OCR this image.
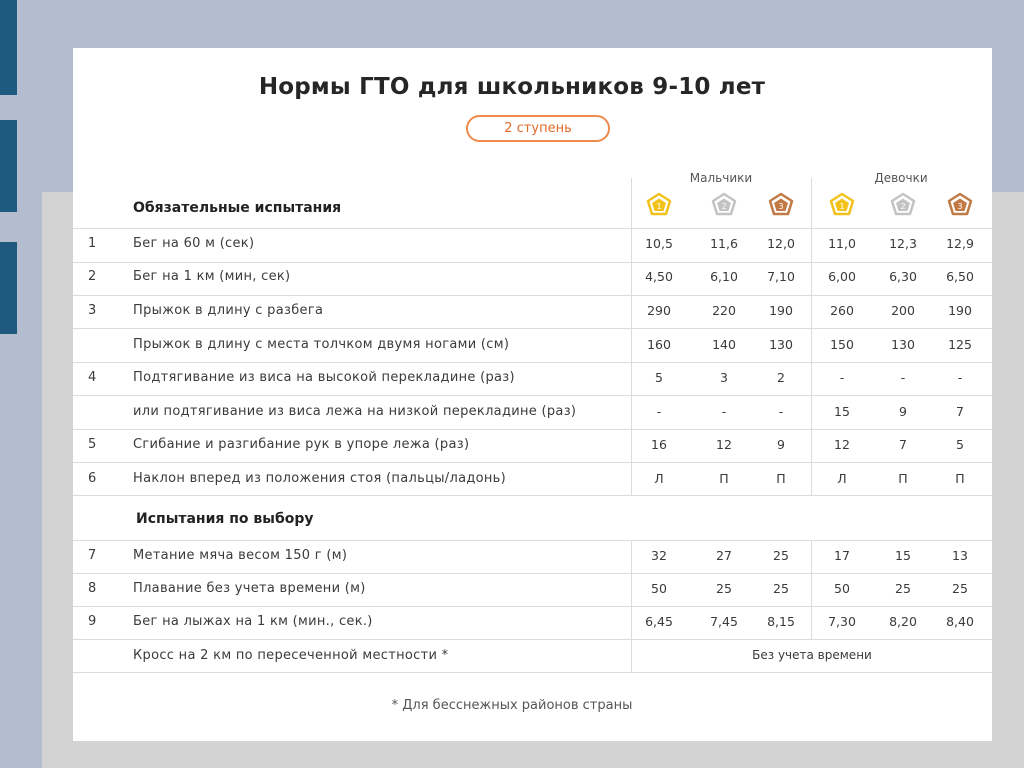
Нормы ГТО для школьников 9-10 лет
2 ступень
Мальчики	Девочки
Обязательные испытания
Испытания по выбору
* Для бесснежных районов страны
1	2	3	1	2	3
1	Бег на 60 м (сек)	10,5	11,6	12,0	11,0	12,3	12,9
2	Бег на 1 км (мин, сек)	4,50	6,10	7,10	6,00	6,30	6,50
3	Прыжок в длину с разбега	290	220	190	260	200	190
Прыжок в длину с места толчком двумя ногами (см)	160	140	130	150	130	125
4	Подтягивание из виса на высокой перекладине (раз)	5	3	2	-	-	-
или подтягивание из виса лежа на низкой перекладине (раз)	-	-	-	15	9	7
5	Сгибание и разгибание рук в упоре лежа (раз)	16	12	9	12	7	5
6	Наклон вперед из положения стоя (пальцы/ладонь)	Л	П	П	Л	П	П
7	Метание мяча весом 150 г (м)	32	27	25	17	15	13
8	Плавание без учета времени (м)	50	25	25	50	25	25
9	Бег на лыжах на 1 км (мин., сек.)	6,45	7,45	8,15	7,30	8,20	8,40
Кросс на 2 км по пересеченной местности *	Без учета времени
